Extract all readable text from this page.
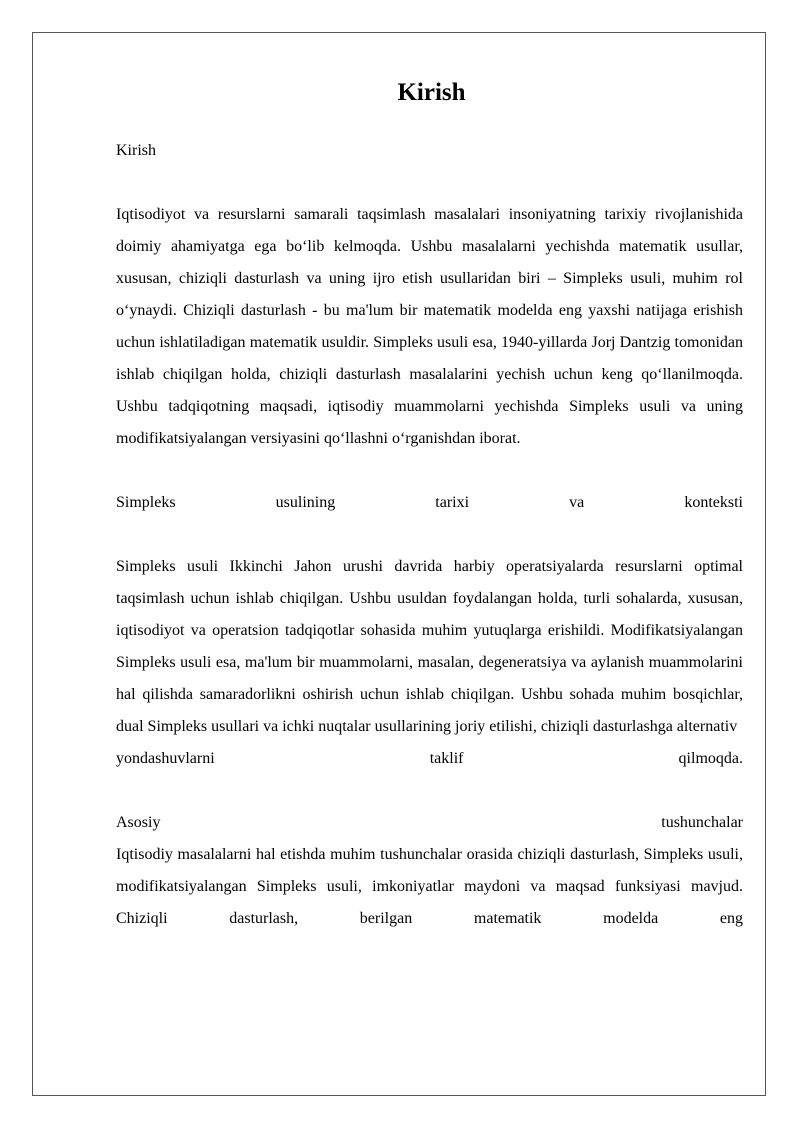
Kirish

Kirish

Iqtisodiyot va resurslarni samarali taqsimlash masalalari insoniyatning tarixiy rivojlanishida doimiy ahamiyatga ega bo‘lib kelmoqda. Ushbu masalalarni yechishda matematik usullar, xususan, chiziqli dasturlash va uning ijro etish usullaridan biri – Simpleks usuli, muhim rol o‘ynaydi. Chiziqli dasturlash - bu ma'lum bir matematik modelda eng yaxshi natijaga erishish uchun ishlatiladigan matematik usuldir. Simpleks usuli esa, 1940-yillarda Jorj Dantzig tomonidan ishlab chiqilgan holda, chiziqli dasturlash masalalarini yechish uchun keng qo‘llanilmoqda. Ushbu tadqiqotning maqsadi, iqtisodiy muammolarni yechishda Simpleks usuli va uning modifikatsiyalangan versiyasini qo‘llashni o‘rganishdan iborat.

Simpleks	usulining	tarixi	va	konteksti

Simpleks usuli Ikkinchi Jahon urushi davrida harbiy operatsiyalarda resurslarni optimal taqsimlash uchun ishlab chiqilgan. Ushbu usuldan foydalangan holda, turli sohalarda, xususan, iqtisodiyot va operatsion tadqiqotlar sohasida muhim yutuqlarga erishildi. Modifikatsiyalangan Simpleks usuli esa, ma'lum bir muammolarni, masalan, degeneratsiya va aylanish muammolarini hal qilishda samaradorlikni oshirish uchun ishlab chiqilgan. Ushbu sohada muhim bosqichlar, dual Simpleks usullari va ichki nuqtalar usullarining joriy etilishi, chiziqli dasturlashga alternativ

yondashuvlarni	taklif	qilmoqda.
Asosiy	tushunchalar

Iqtisodiy masalalarni hal etishda muhim tushunchalar orasida chiziqli dasturlash, Simpleks usuli, modifikatsiyalangan Simpleks usuli, imkoniyatlar maydoni va maqsad funksiyasi mavjud. Chiziqli dasturlash, berilgan matematik modelda eng
